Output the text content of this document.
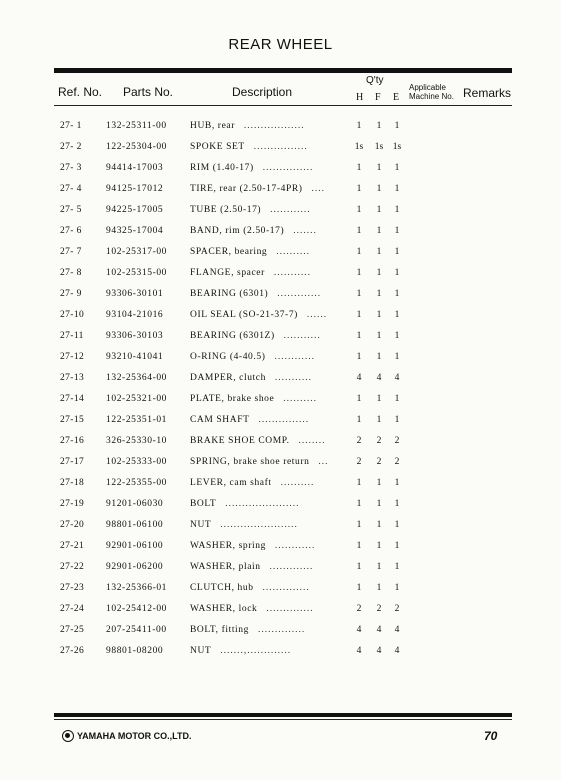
REAR WHEEL
Ref. No. Parts No.	Description
Q'ty
H F E
Applicable
Machine No. Remarks
27- 1	132-25311-00 HUB, rear ..................	1 1 1
27- 2	122-25304-00 SPOKE SET ................	1s 1s 1s
27- 3	94414-17003	RIM (1.40-17) ...............	1 1 1
27- 4	94125-17012	TIRE, rear (2.50-17-4PR) ....	1 1 1
27- 5	94225-17005	TUBE (2.50-17) ............	1 1 1
27- 6	94325-17004	BAND, rim (2.50-17) .......	1 1 1
27- 7	102-25317-00 SPACER, bearing ..........	1 1 1
27- 8	102-25315-00 FLANGE, spacer ...........	1 1 1
27- 9	93306-30101	BEARING (6301) .............	1 1 1
27-10 93104-21016	OIL SEAL (SO-21-37-7) ......	1 1 1
27-11 93306-30103	BEARING (6301Z) ...........	1 1 1
27-12 93210-41041	O-RING (4-40.5) ............	1 1 1
27-13 132-25364-00 DAMPER, clutch ...........	4 4 4
27-14 102-25321-00 PLATE, brake shoe ..........	1 1 1
27-15 122-25351-01 CAM SHAFT ...............	1 1 1
27-16 326-25330-10 BRAKE SHOE COMP. ........	2 2 2
27-17 102-25333-00 SPRING, brake shoe return ...	2 2 2
27-18 122-25355-00 LEVER, cam shaft ..........	1 1 1
27-19 91201-06030	BOLT ......................	1 1 1
27-20 98801-06100	NUT .......................	1 1 1
27-21 92901-06100	WASHER, spring ............	1 1 1
27-22 92901-06200	WASHER, plain .............	1 1 1
27-23 132-25366-01 CLUTCH, hub ..............	1 1 1
27-24 102-25412-00 WASHER, lock ..............	2 2 2
27-25 207-25411-00 BOLT, fitting ..............	4 4 4
27-26 98801-08200	NUT .......,.............	4 4 4
YAMAHA MOTOR CO.,LTD.	70
